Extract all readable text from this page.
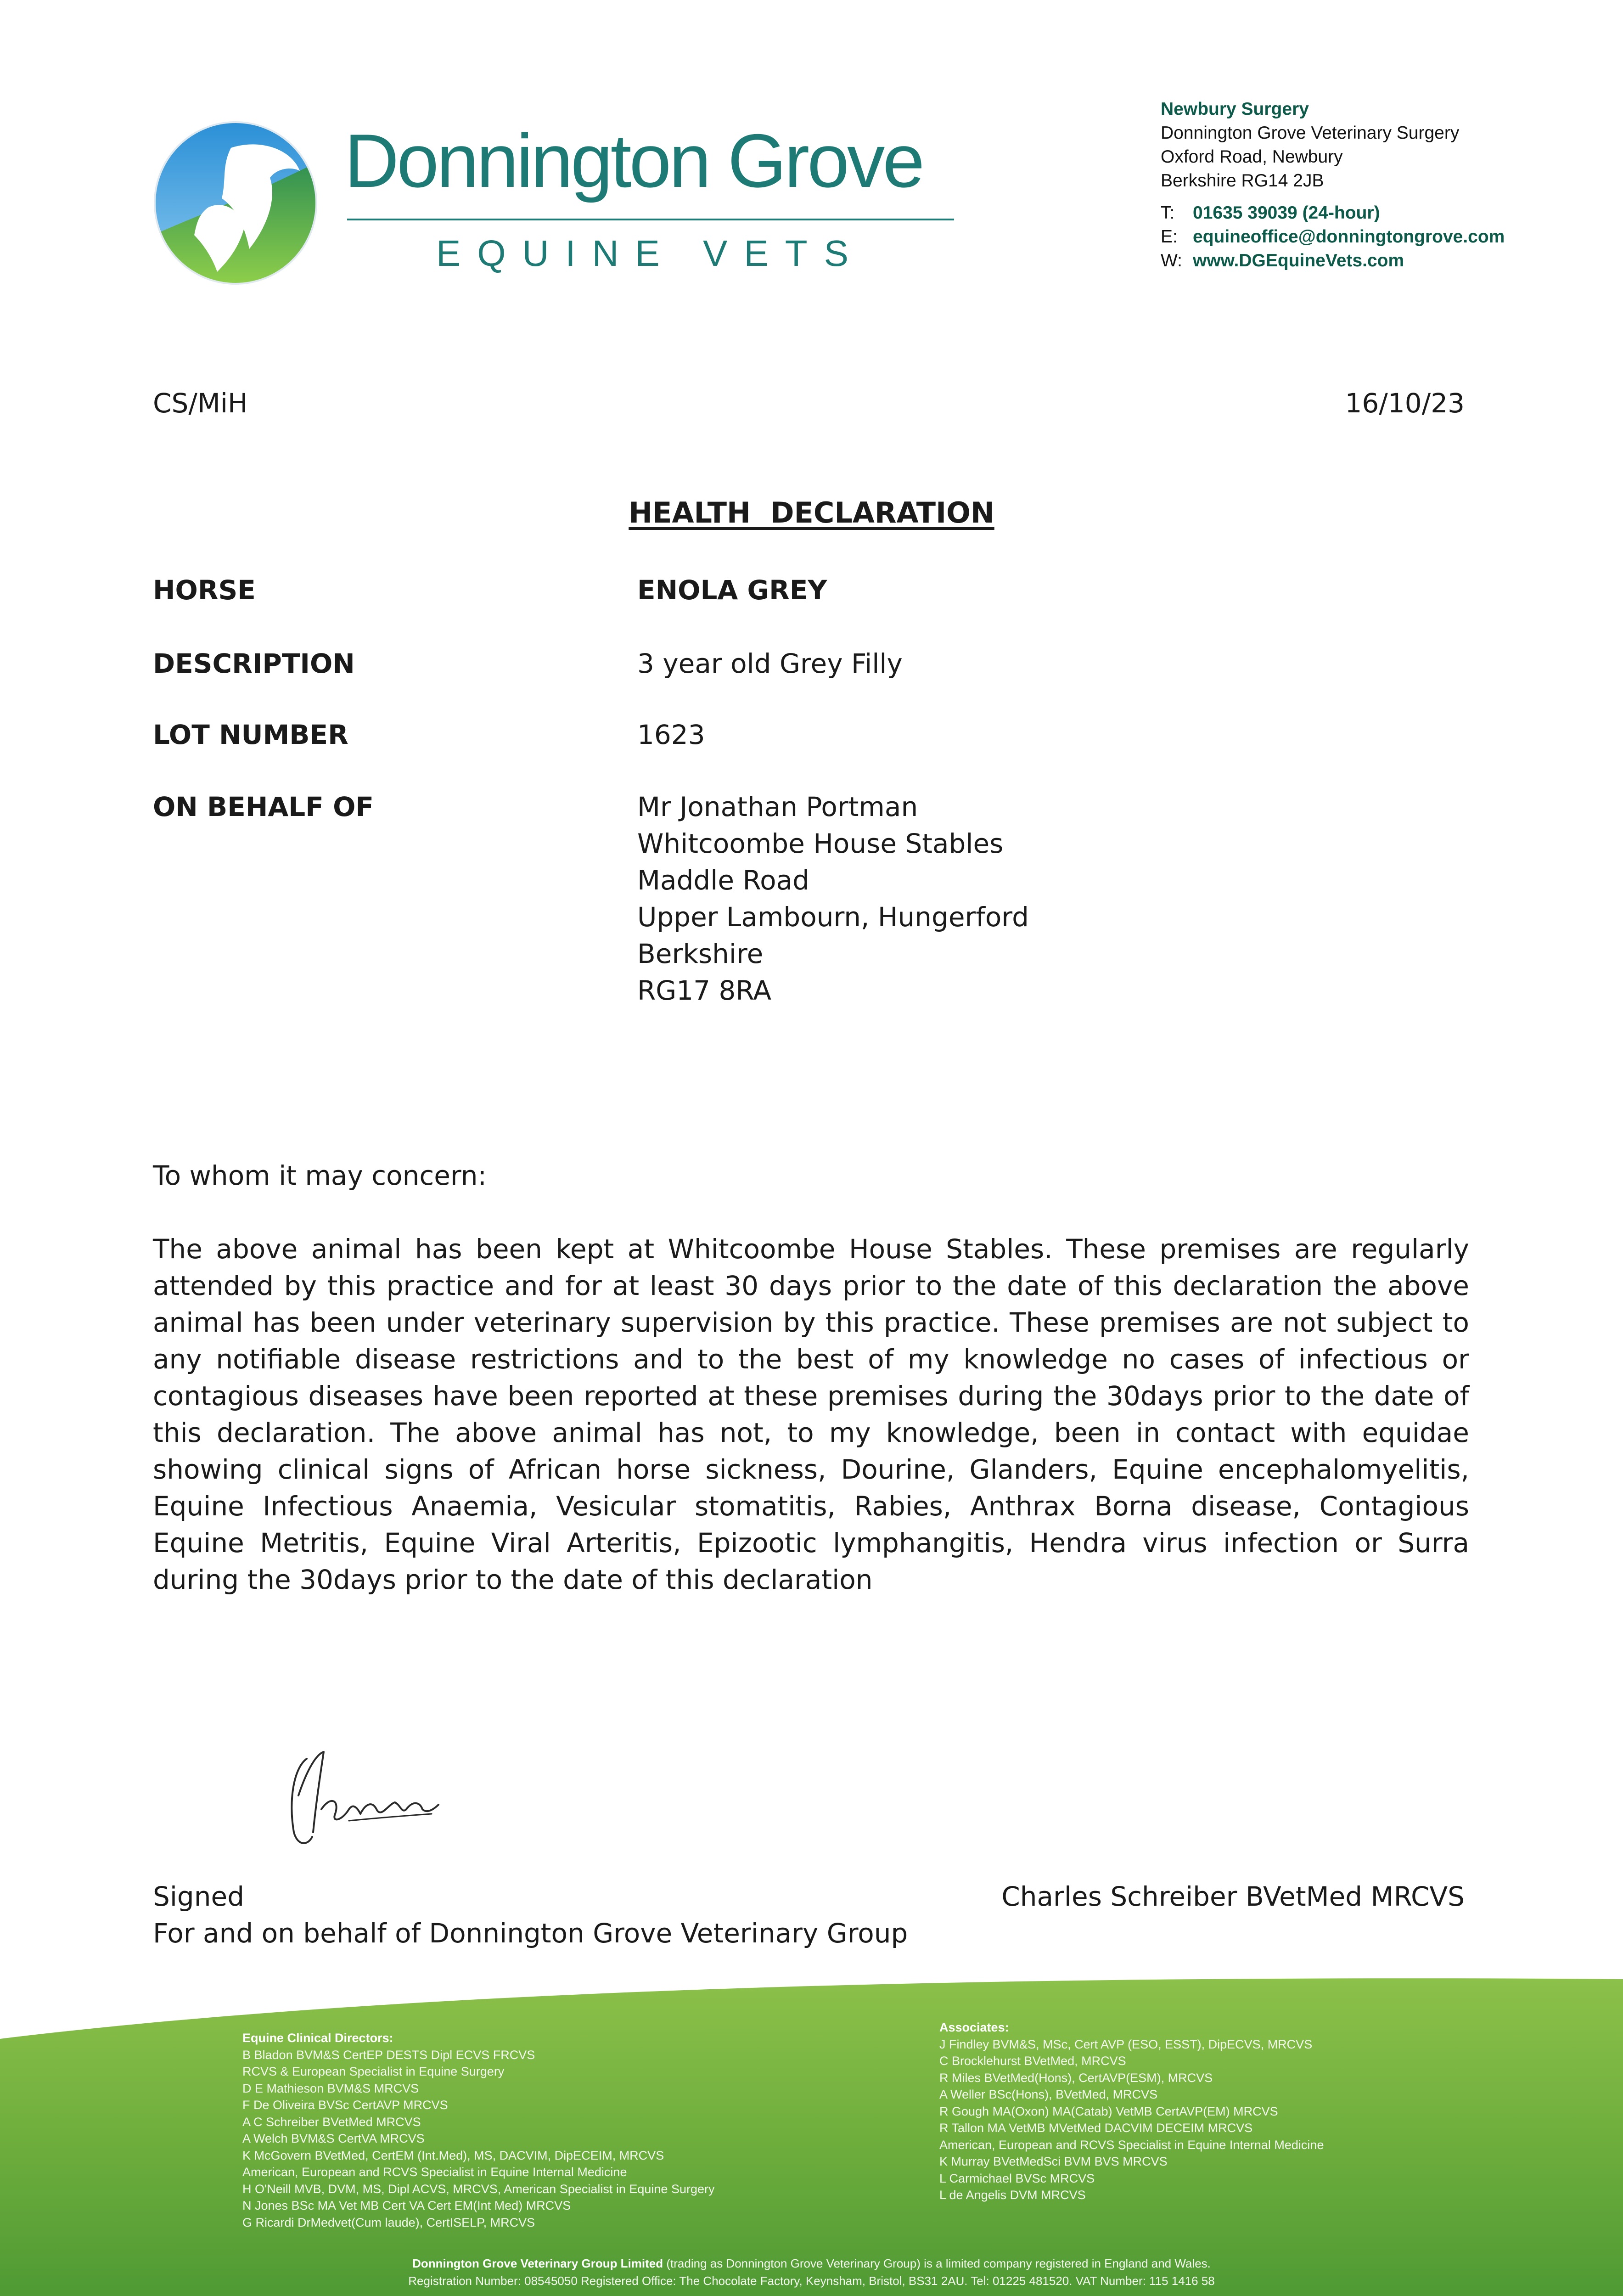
Donnington Grove
EQUINE VETS
Newbury Surgery
Donnington Grove Veterinary Surgery
Oxford Road, Newbury
Berkshire RG14 2JB
T:	01635 39039 (24-hour)
E: equineoffice@donningtongrove.com
W: www.DGEquineVets.com
CS/MiH	16/10/23
HEALTH  DECLARATION
HORSE	ENOLA GREY
DESCRIPTION	3 year old Grey Filly
LOT NUMBER	1623
ON BEHALF OF	Mr Jonathan Portman
Whitcoombe House Stables
Maddle Road
Upper Lambourn, Hungerford
Berkshire
RG17 8RA
To whom it may concern:
The above animal has been kept at Whitcoombe House Stables. These premises are regularly attended by this practice and for at least 30 days prior to the date of this declaration the above animal has been under veterinary supervision by this practice. These premises are not subject to any notifiable disease restrictions and to the best of my knowledge no cases of infectious or contagious diseases have been reported at these premises during the 30days prior to the date of this declaration. The above animal has not, to my knowledge, been in contact with equidae showing clinical signs of African horse sickness, Dourine, Glanders, Equine encephalomyelitis, Equine Infectious Anaemia, Vesicular stomatitis, Rabies, Anthrax Borna disease, Contagious Equine Metritis, Equine Viral Arteritis, Epizootic lymphangitis, Hendra virus infection or Surra during the 30days prior to the date of this declaration
Signed	Charles Schreiber BVetMed MRCVS
For and on behalf of Donnington Grove Veterinary Group
Equine Clinical Directors:
B Bladon BVM&S CertEP DESTS Dipl ECVS FRCVS
RCVS & European Specialist in Equine Surgery
D E Mathieson BVM&S MRCVS
F De Oliveira BVSc CertAVP MRCVS
A C Schreiber BVetMed MRCVS
A Welch BVM&S CertVA MRCVS
K McGovern BVetMed, CertEM (Int.Med), MS, DACVIM, DipECEIM, MRCVS
American, European and RCVS Specialist in Equine Internal Medicine
H O'Neill MVB, DVM, MS, Dipl ACVS, MRCVS, American Specialist in Equine Surgery
N Jones BSc MA Vet MB Cert VA Cert EM(Int Med) MRCVS
G Ricardi DrMedvet(Cum laude), CertISELP, MRCVS
Associates:
J Findley BVM&S, MSc, Cert AVP (ESO, ESST), DipECVS, MRCVS
C Brocklehurst BVetMed, MRCVS
R Miles BVetMed(Hons), CertAVP(ESM), MRCVS
A Weller BSc(Hons), BVetMed, MRCVS
R Gough MA(Oxon) MA(Catab) VetMB CertAVP(EM) MRCVS
R Tallon MA VetMB MVetMed DACVIM DECEIM MRCVS
American, European and RCVS Specialist in Equine Internal Medicine
K Murray BVetMedSci BVM BVS MRCVS
L Carmichael BVSc MRCVS
L de Angelis DVM MRCVS
Donnington Grove Veterinary Group Limited (trading as Donnington Grove Veterinary Group) is a limited company registered in England and Wales.
Registration Number: 08545050 Registered Office: The Chocolate Factory, Keynsham, Bristol, BS31 2AU. Tel: 01225 481520. VAT Number: 115 1416 58
